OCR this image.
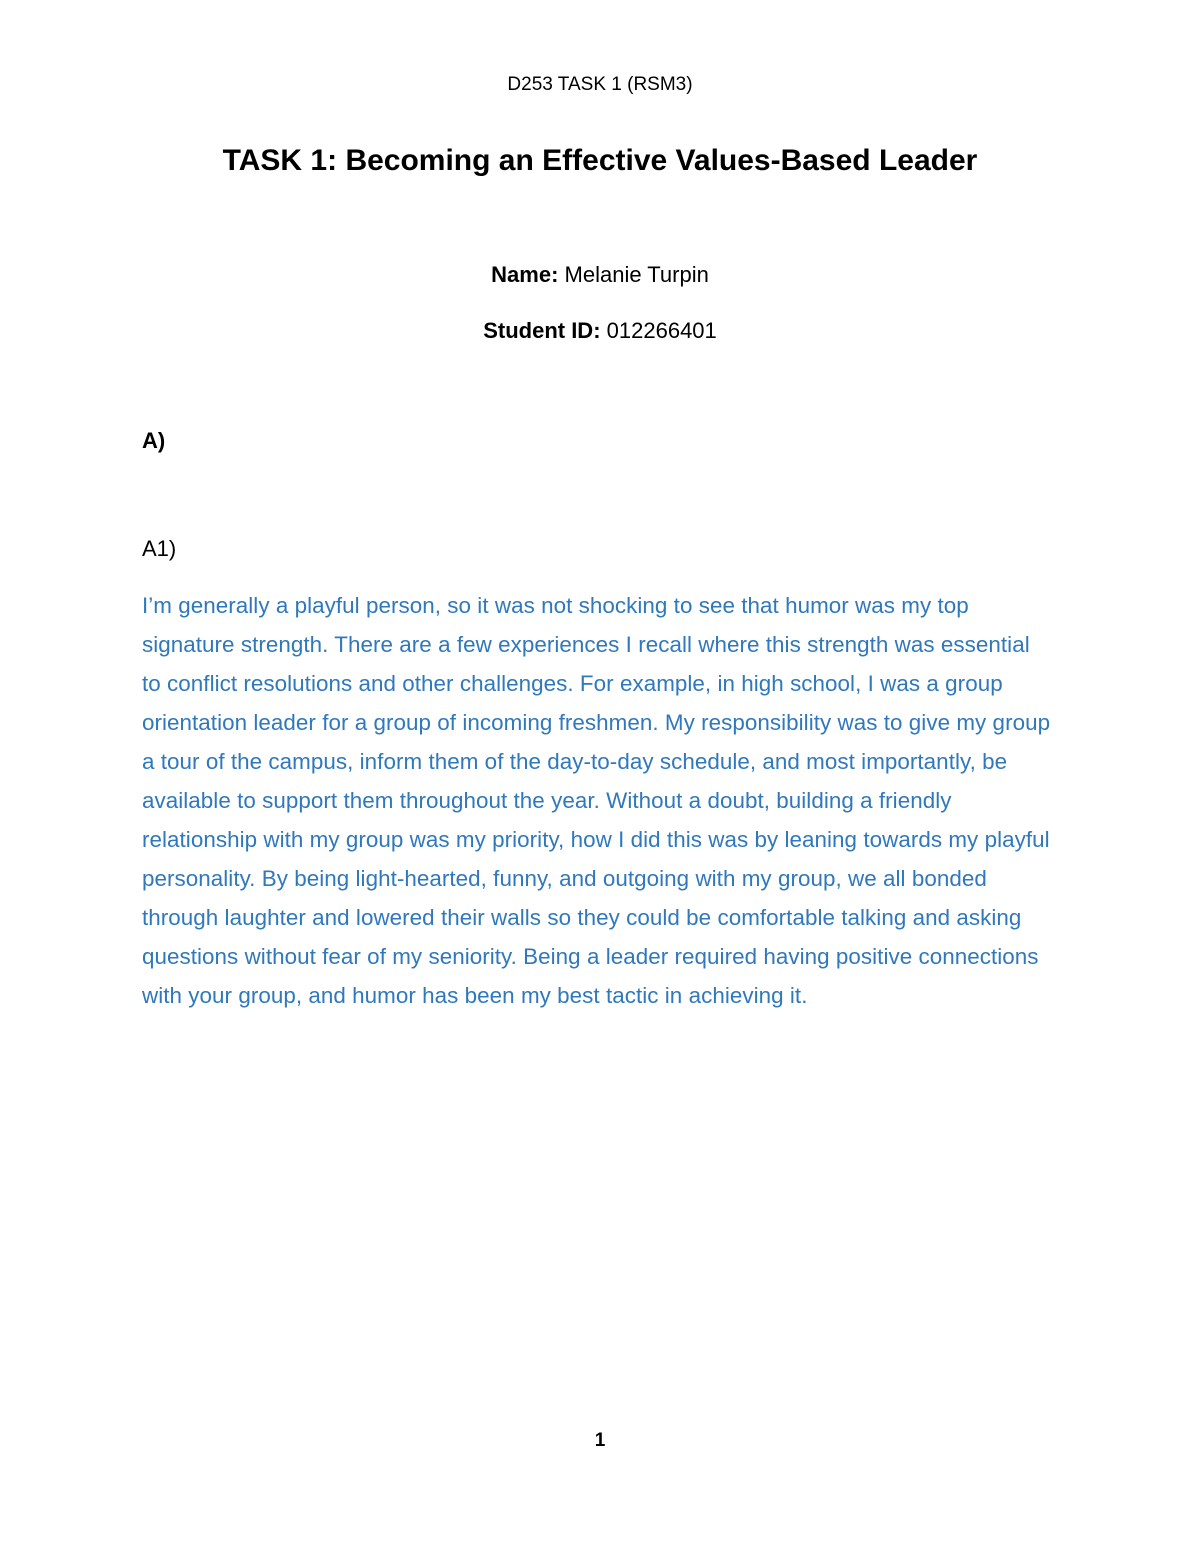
D253 TASK 1 (RSM3)
TASK 1: Becoming an Effective Values-Based Leader
Name: Melanie Turpin
Student ID: 012266401
A)
A1)

I’m generally a playful person, so it was not shocking to see that humor was my top signature strength. There are a few experiences I recall where this strength was essential to conflict resolutions and other challenges. For example, in high school, I was a group orientation leader for a group of incoming freshmen. My responsibility was to give my group a tour of the campus, inform them of the day-to-day schedule, and most importantly, be available to support them throughout the year. Without a doubt, building a friendly relationship with my group was my priority, how I did this was by leaning towards my playful personality. By being light-hearted, funny, and outgoing with my group, we all bonded through laughter and lowered their walls so they could be comfortable talking and asking questions without fear of my seniority. Being a leader required having positive connections with your group, and humor has been my best tactic in achieving it.

1
